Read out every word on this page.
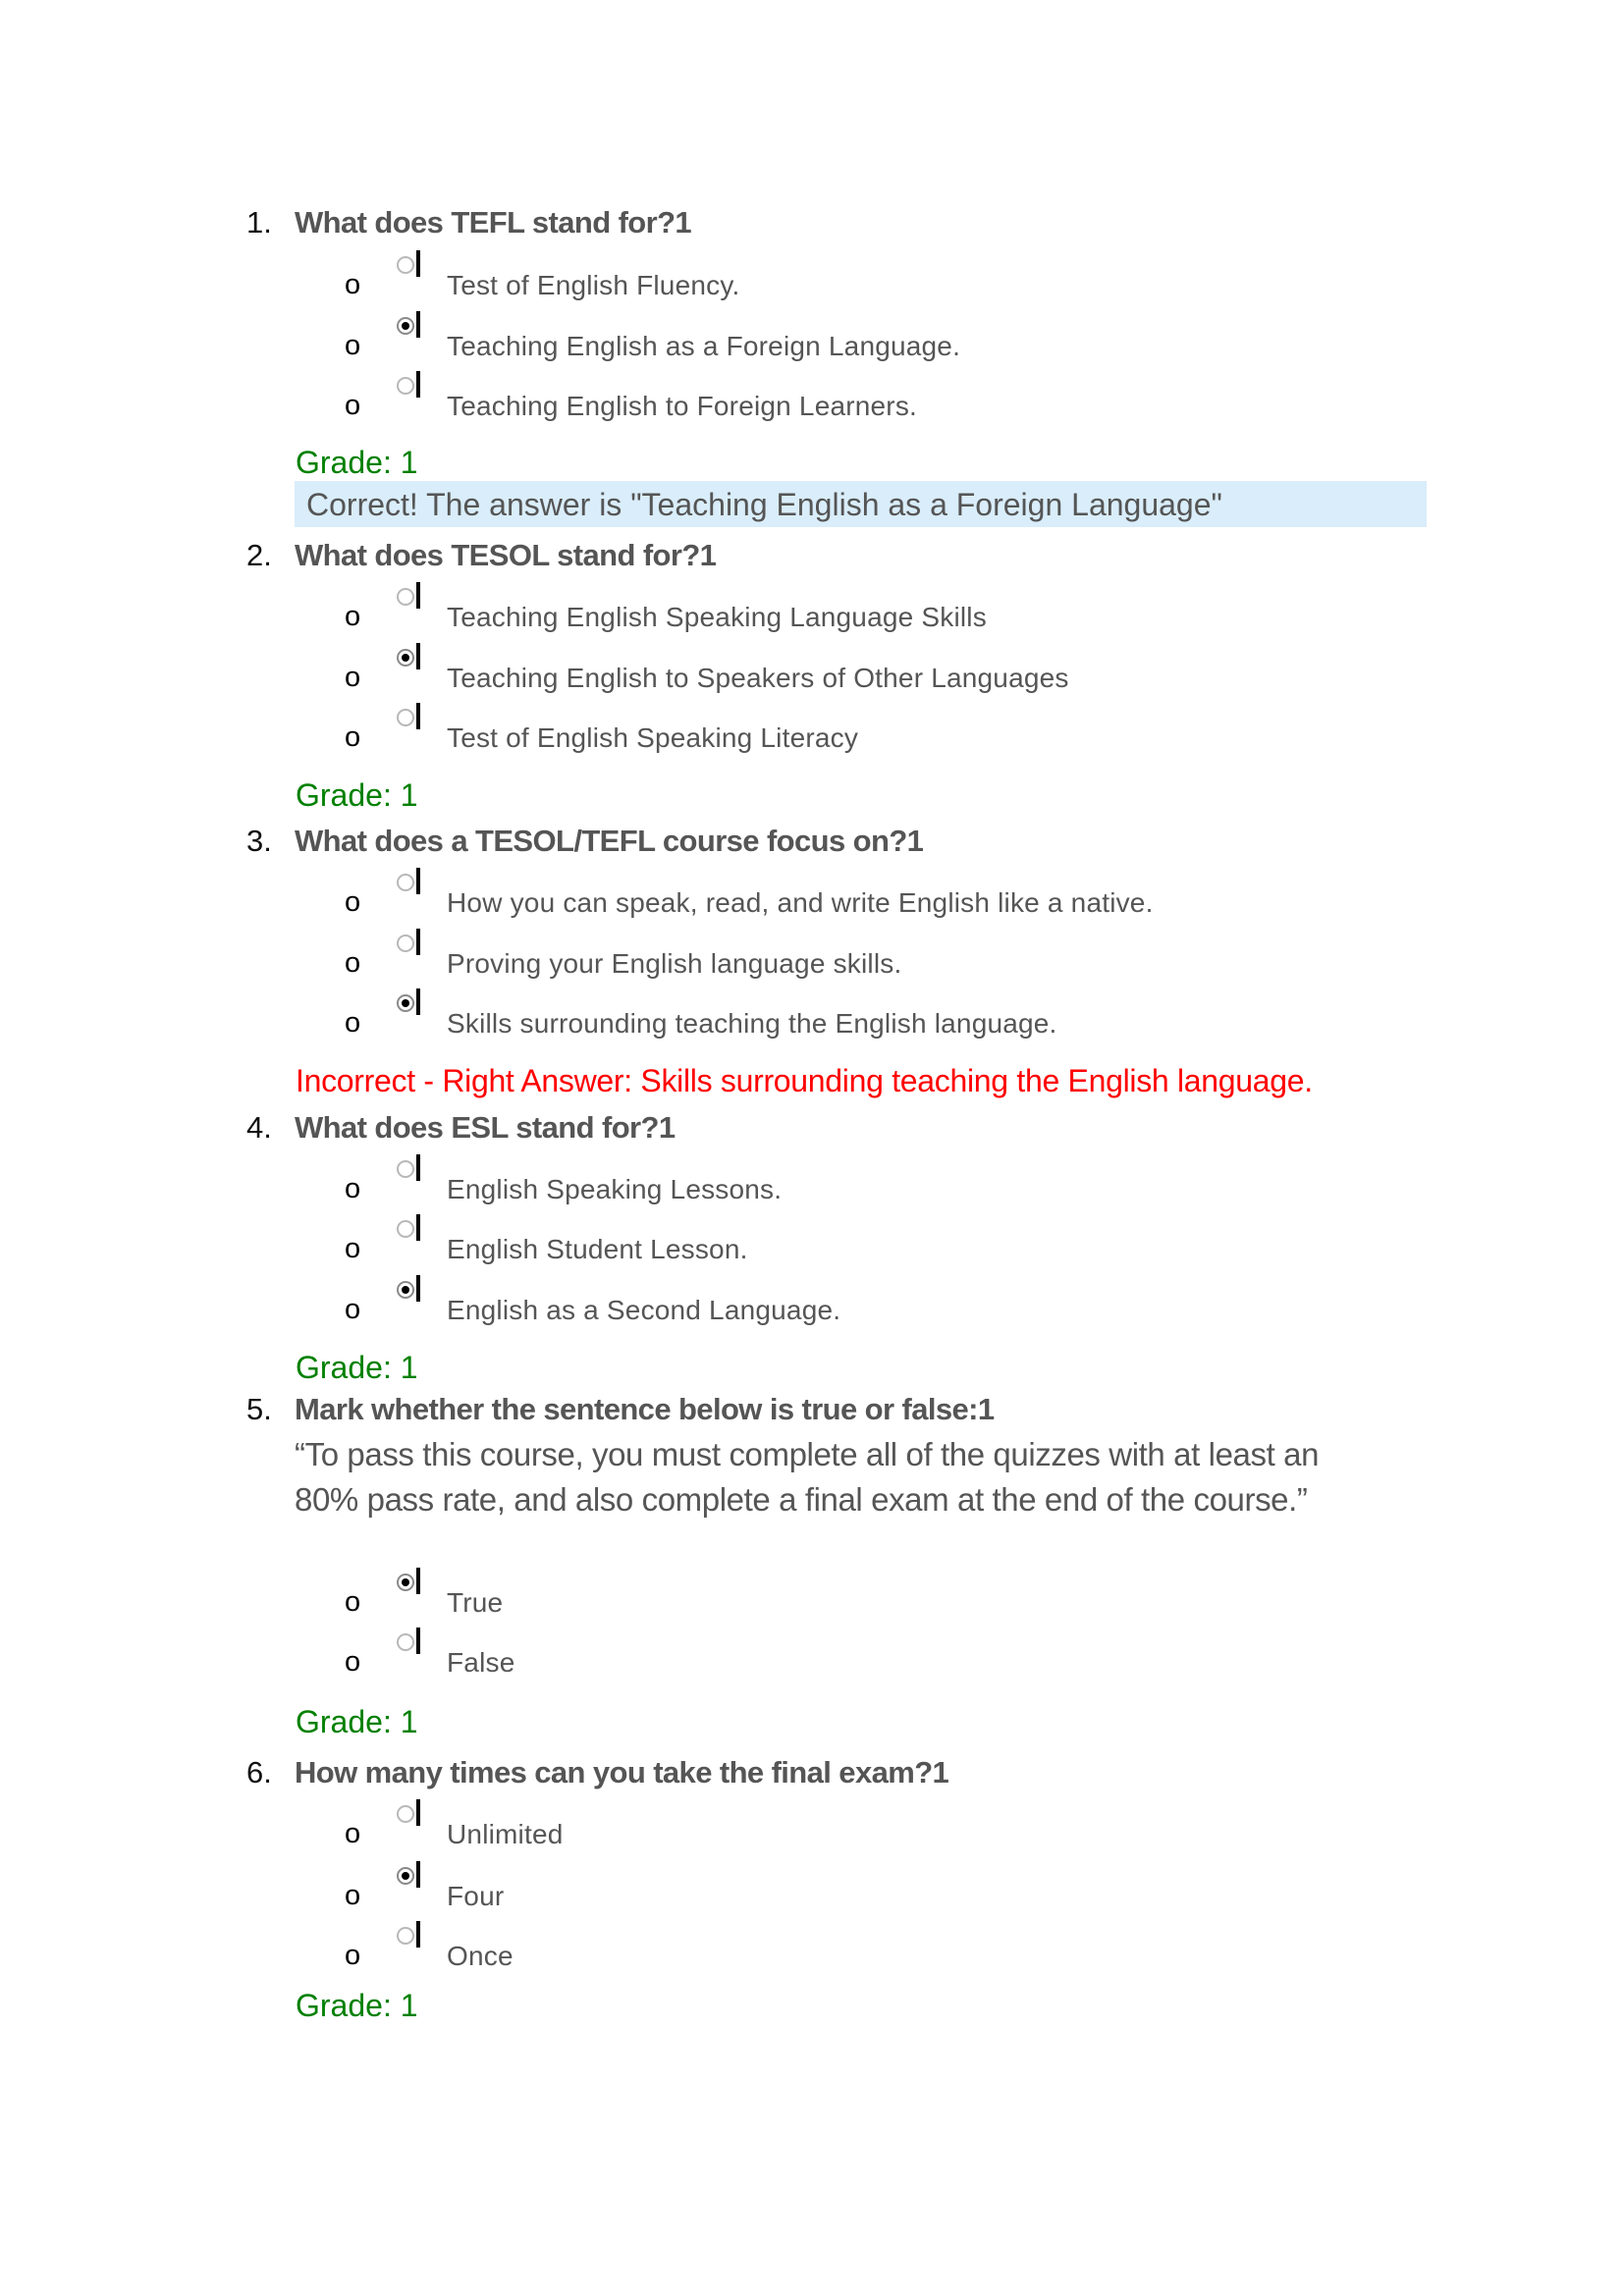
1. What does TEFL stand for?1
o	Test of English Fluency.
o	Teaching English as a Foreign Language.
o	Teaching English to Foreign Learners.
Grade: 1
Correct! The answer is "Teaching English as a Foreign Language"
2. What does TESOL stand for?1
o	Teaching English Speaking Language Skills
o	Teaching English to Speakers of Other Languages
o	Test of English Speaking Literacy
Grade: 1
3. What does a TESOL/TEFL course focus on?1
o	How you can speak, read, and write English like a native.
o	Proving your English language skills.
o	Skills surrounding teaching the English language.
Incorrect - Right Answer: Skills surrounding teaching the English language.
4. What does ESL stand for?1
o	English Speaking Lessons.
o	English Student Lesson.
o	English as a Second Language.
Grade: 1
5. Mark whether the sentence below is true or false:1
“To pass this course, you must complete all of the quizzes with at least an
80% pass rate, and also complete a final exam at the end of the course.”
o	True
o	False
Grade: 1
6. How many times can you take the final exam?1
o	Unlimited
o	Four
o	Once
Grade: 1
